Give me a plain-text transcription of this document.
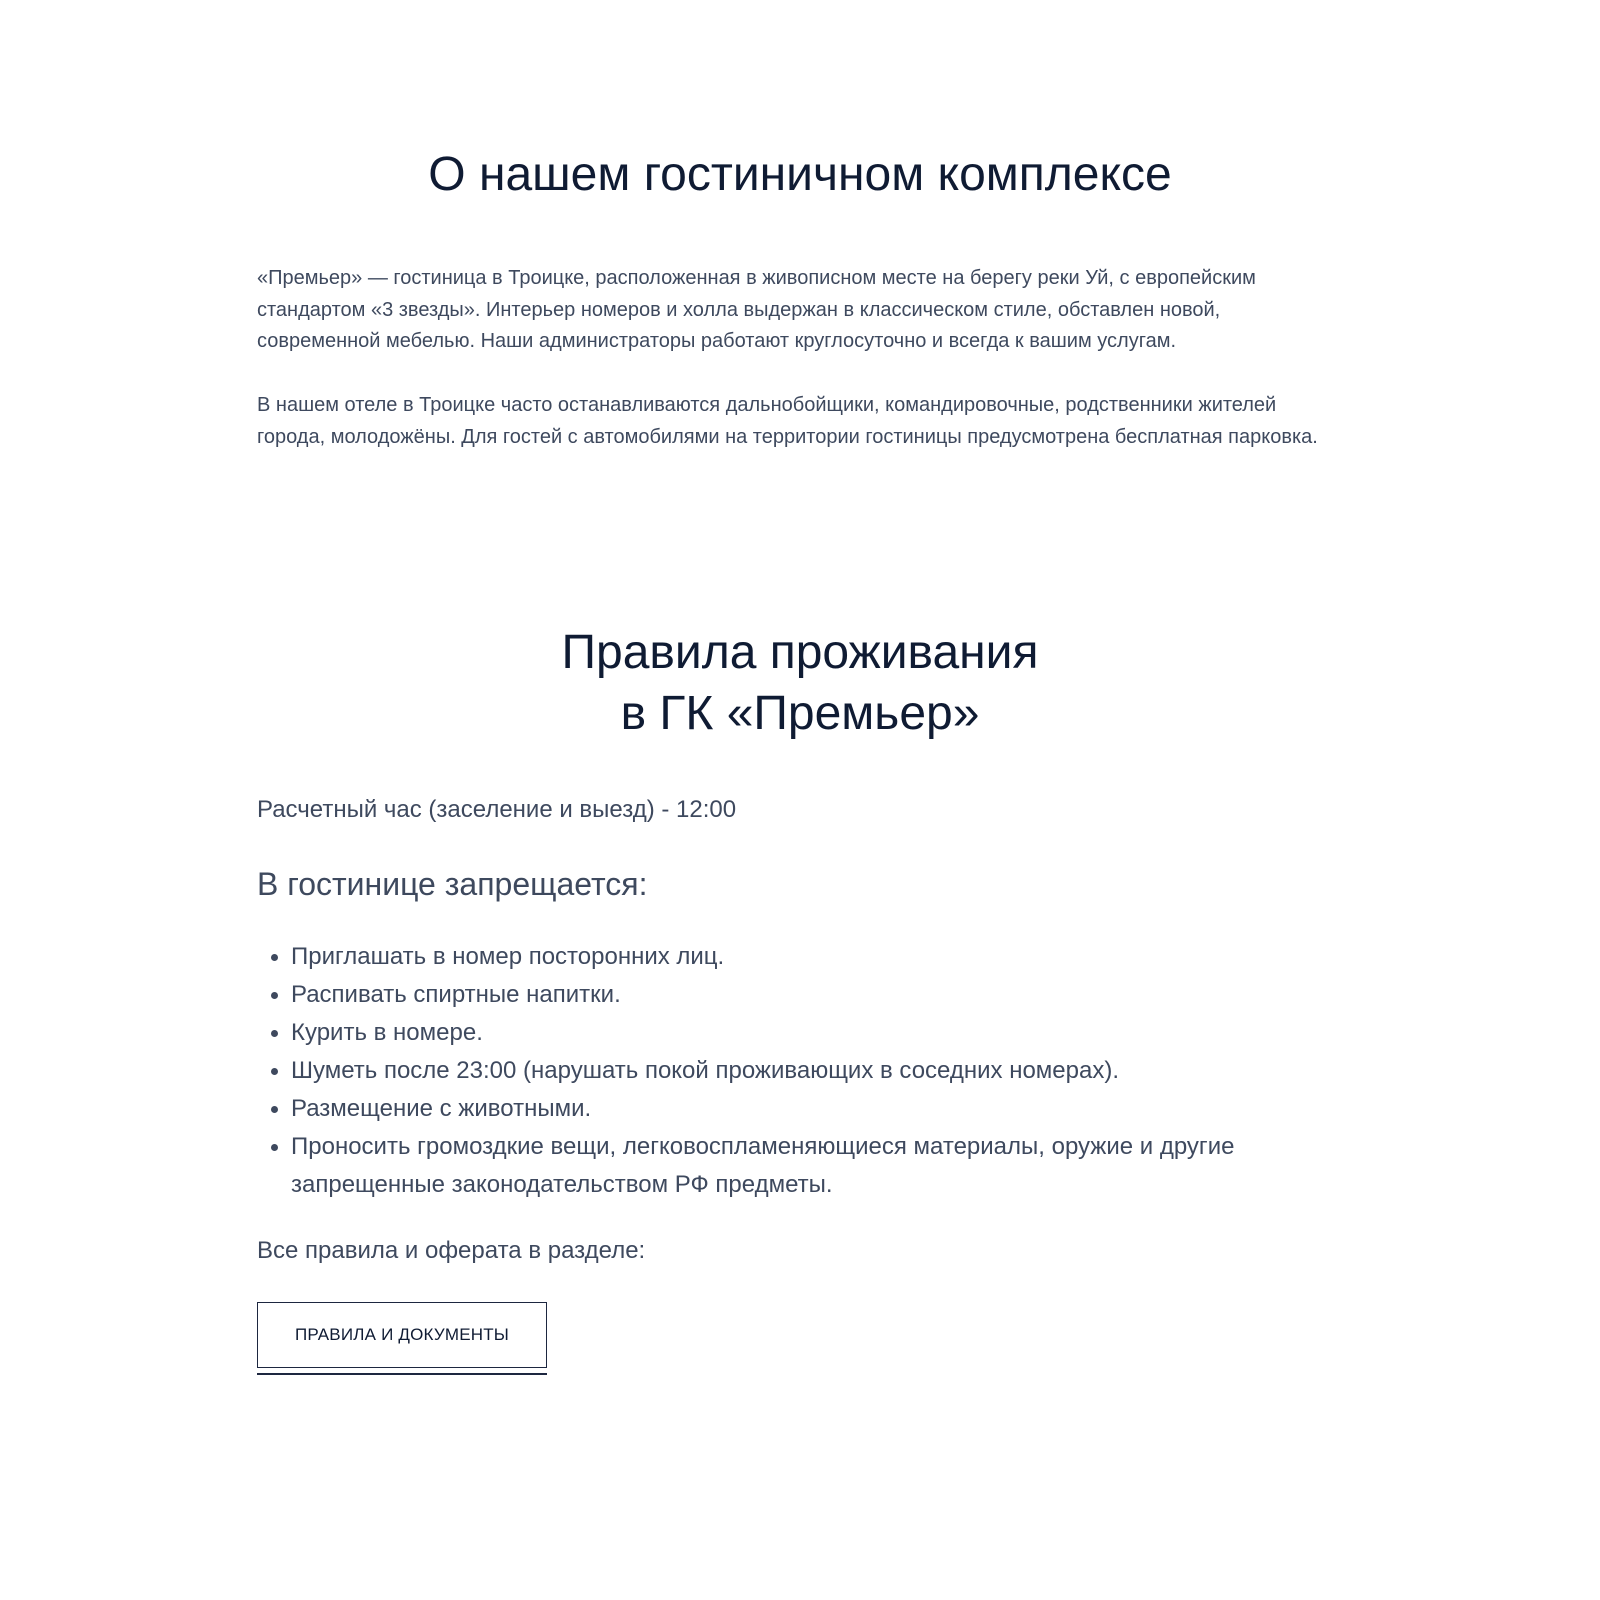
О нашем гостиничном комплексе

«Премьер» — гостиница в Троицке, расположенная в живописном месте на берегу реки Уй, с европейским стандартом «3 звезды». Интерьер номеров и холла выдержан в классическом стиле, обставлен новой, современной мебелью. Наши администраторы работают круглосуточно и всегда к вашим услугам.

В нашем отеле в Троицке часто останавливаются дальнобойщики, командировочные, родственники жителей города, молодожёны. Для гостей с автомобилями на территории гостиницы предусмотрена бесплатная парковка.

Правила проживания
в ГК «Премьер»

Расчетный час (заселение и выезд) - 12:00

В гостинице запрещается:
Приглашать в номер посторонних лиц.
Распивать спиртные напитки.
Курить в номере.
Шуметь после 23:00 (нарушать покой проживающих в соседних номерах).
Размещение с животными.
Проносить громоздкие вещи, легковоспламеняющиеся материалы, оружие и другие запрещенные законодательством РФ предметы.

Все правила и оферата в разделе:

ПРАВИЛА И ДОКУМЕНТЫ
